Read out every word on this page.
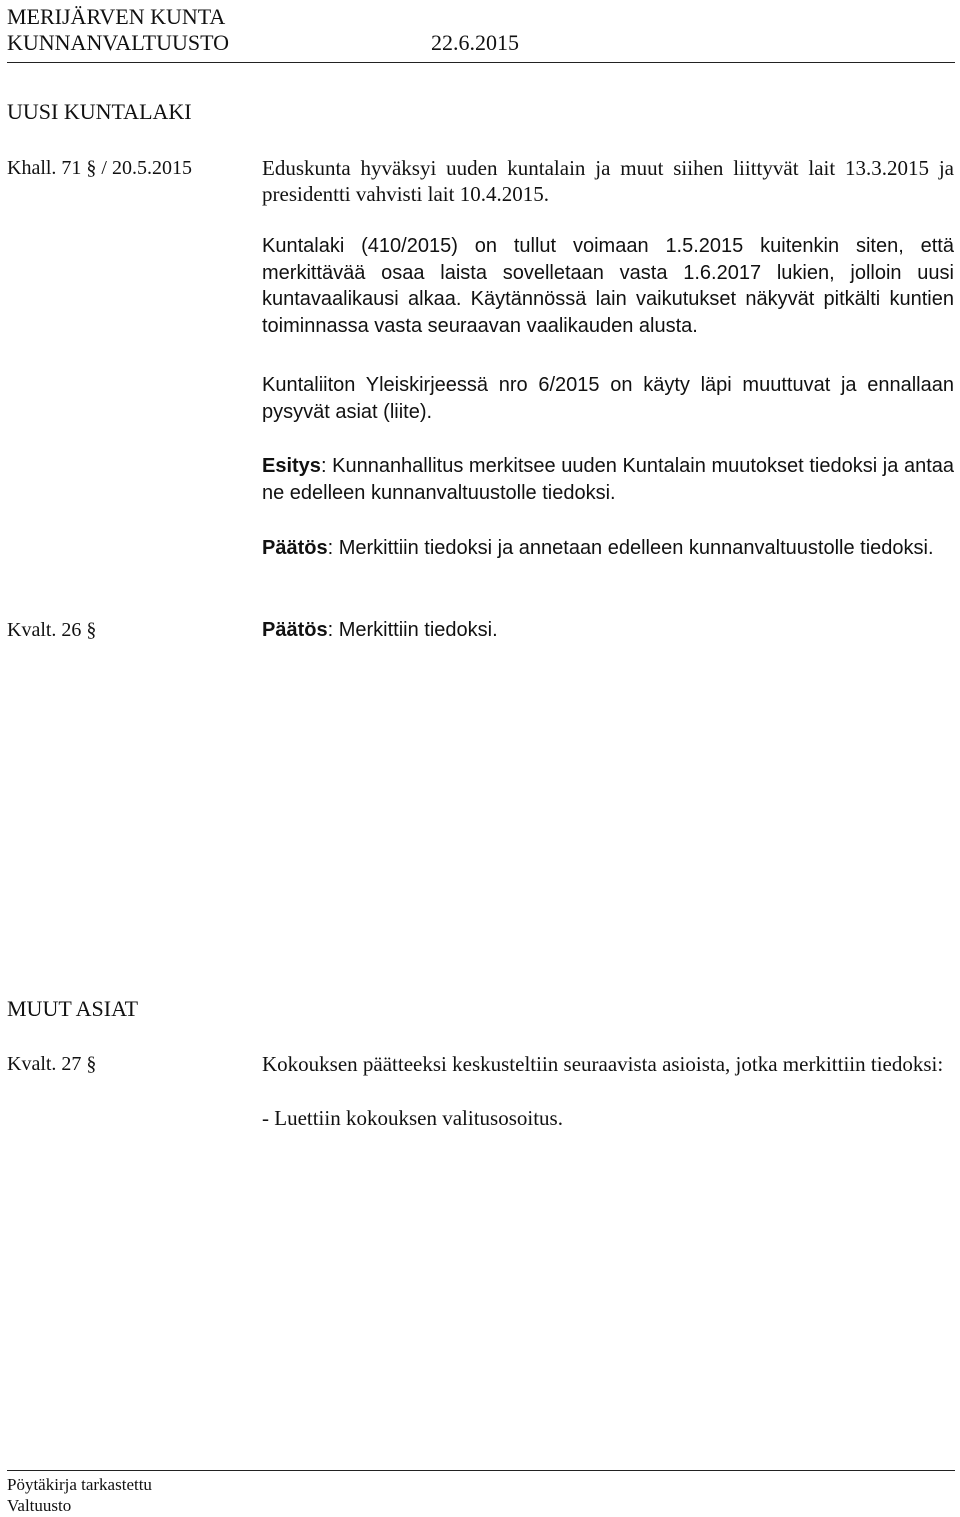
MERIJÄRVEN KUNTA
KUNNANVALTUUSTO	22.6.2015
UUSI KUNTALAKI
Khall. 71 § / 20.5.2015	Eduskunta hyväksyi uuden kuntalain ja muut siihen liittyvät lait 13.3.2015 ja presidentti vahvisti lait 10.4.2015.
Kuntalaki (410/2015) on tullut voimaan 1.5.2015 kuitenkin siten, että merkittävää osaa laista sovelletaan vasta 1.6.2017 lukien, jolloin uusi kuntavaalikausi alkaa. Käytännössä lain vaikutukset näkyvät pitkälti kuntien toiminnassa vasta seuraavan vaalikauden alusta.
Kuntaliiton Yleiskirjeessä nro 6/2015 on käyty läpi muuttuvat ja ennallaan pysyvät asiat (liite).
Esitys: Kunnanhallitus merkitsee uuden Kuntalain muutokset tiedoksi ja antaa ne edelleen kunnanvaltuustolle tiedoksi.
Päätös: Merkittiin tiedoksi ja annetaan edelleen kunnanvaltuustolle tiedoksi.
Kvalt. 26 §	Päätös: Merkittiin tiedoksi.
MUUT ASIAT
Kvalt. 27 §	Kokouksen päätteeksi keskusteltiin seuraavista asioista, jotka merkittiin tiedoksi:
- Luettiin kokouksen valitusosoitus.
Pöytäkirja tarkastettu
Valtuusto
